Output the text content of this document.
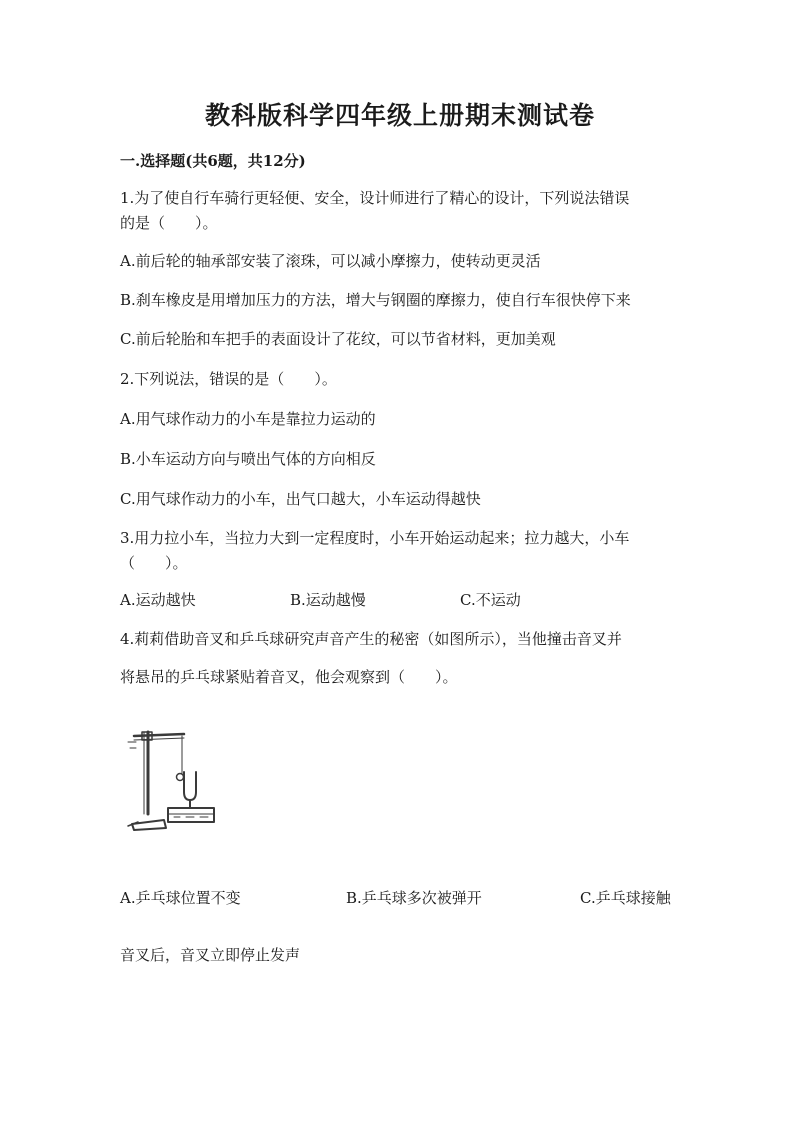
教科版科学四年级上册期末测试卷
一.选择题(共6题，共12分)
1.为了使自行车骑行更轻便、安全，设计师进行了精心的设计，下列说法错误
的是（　　）。
A.前后轮的轴承部安装了滚珠，可以减小摩擦力，使转动更灵活
B.刹车橡皮是用增加压力的方法，增大与钢圈的摩擦力，使自行车很快停下来
C.前后轮胎和车把手的表面设计了花纹，可以节省材料，更加美观
2.下列说法，错误的是（　　）。
A.用气球作动力的小车是靠拉力运动的
B.小车运动方向与喷出气体的方向相反
C.用气球作动力的小车，出气口越大，小车运动得越快
3.用力拉小车，当拉力大到一定程度时，小车开始运动起来；拉力越大，小车
（　　）。
A.运动越快	B.运动越慢	C.不运动
4.莉莉借助音叉和乒乓球研究声音产生的秘密（如图所示），当他撞击音叉并
将悬吊的乒乓球紧贴着音叉，他会观察到（　　）。
A.乒乓球位置不变	B.乒乓球多次被弹开	C.乒乓球接触
音叉后，音叉立即停止发声
